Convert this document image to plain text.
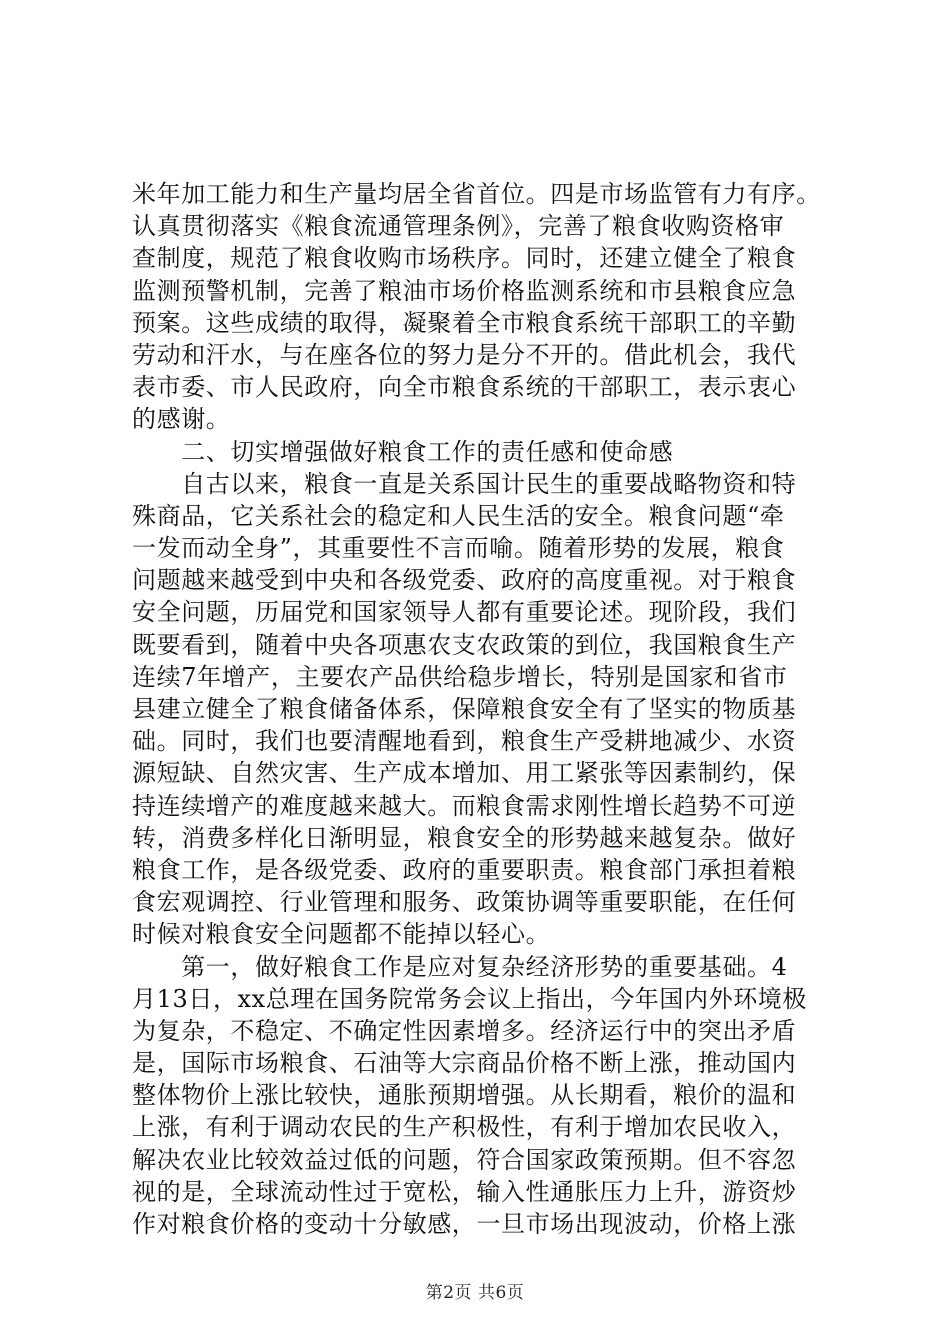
米年加工能力和生产量均居全省首位。四是市场监管有力有序。
认真贯彻落实《粮食流通管理条例》，完善了粮食收购资格审
查制度，规范了粮食收购市场秩序。同时，还建立健全了粮食
监测预警机制，完善了粮油市场价格监测系统和市县粮食应急
预案。这些成绩的取得，凝聚着全市粮食系统干部职工的辛勤
劳动和汗水，与在座各位的努力是分不开的。借此机会，我代
表市委、市人民政府，向全市粮食系统的干部职工，表示衷心
的感谢。
　　二、切实增强做好粮食工作的责任感和使命感
　　自古以来，粮食一直是关系国计民生的重要战略物资和特
殊商品，它关系社会的稳定和人民生活的安全。粮食问题“牵
一发而动全身”，其重要性不言而喻。随着形势的发展，粮食
问题越来越受到中央和各级党委、政府的高度重视。对于粮食
安全问题，历届党和国家领导人都有重要论述。现阶段，我们
既要看到，随着中央各项惠农支农政策的到位，我国粮食生产
连续7年增产，主要农产品供给稳步增长，特别是国家和省市
县建立健全了粮食储备体系，保障粮食安全有了坚实的物质基
础。同时，我们也要清醒地看到，粮食生产受耕地减少、水资
源短缺、自然灾害、生产成本增加、用工紧张等因素制约，保
持连续增产的难度越来越大。而粮食需求刚性增长趋势不可逆
转，消费多样化日渐明显，粮食安全的形势越来越复杂。做好
粮食工作，是各级党委、政府的重要职责。粮食部门承担着粮
食宏观调控、行业管理和服务、政策协调等重要职能，在任何
时候对粮食安全问题都不能掉以轻心。
　　第一，做好粮食工作是应对复杂经济形势的重要基础。4
月13日，xx总理在国务院常务会议上指出，今年国内外环境极
为复杂，不稳定、不确定性因素增多。经济运行中的突出矛盾
是，国际市场粮食、石油等大宗商品价格不断上涨，推动国内
整体物价上涨比较快，通胀预期增强。从长期看，粮价的温和
上涨，有利于调动农民的生产积极性，有利于增加农民收入，
解决农业比较效益过低的问题，符合国家政策预期。但不容忽
视的是，全球流动性过于宽松，输入性通胀压力上升，游资炒
作对粮食价格的变动十分敏感，一旦市场出现波动，价格上涨
第2页 共6页
